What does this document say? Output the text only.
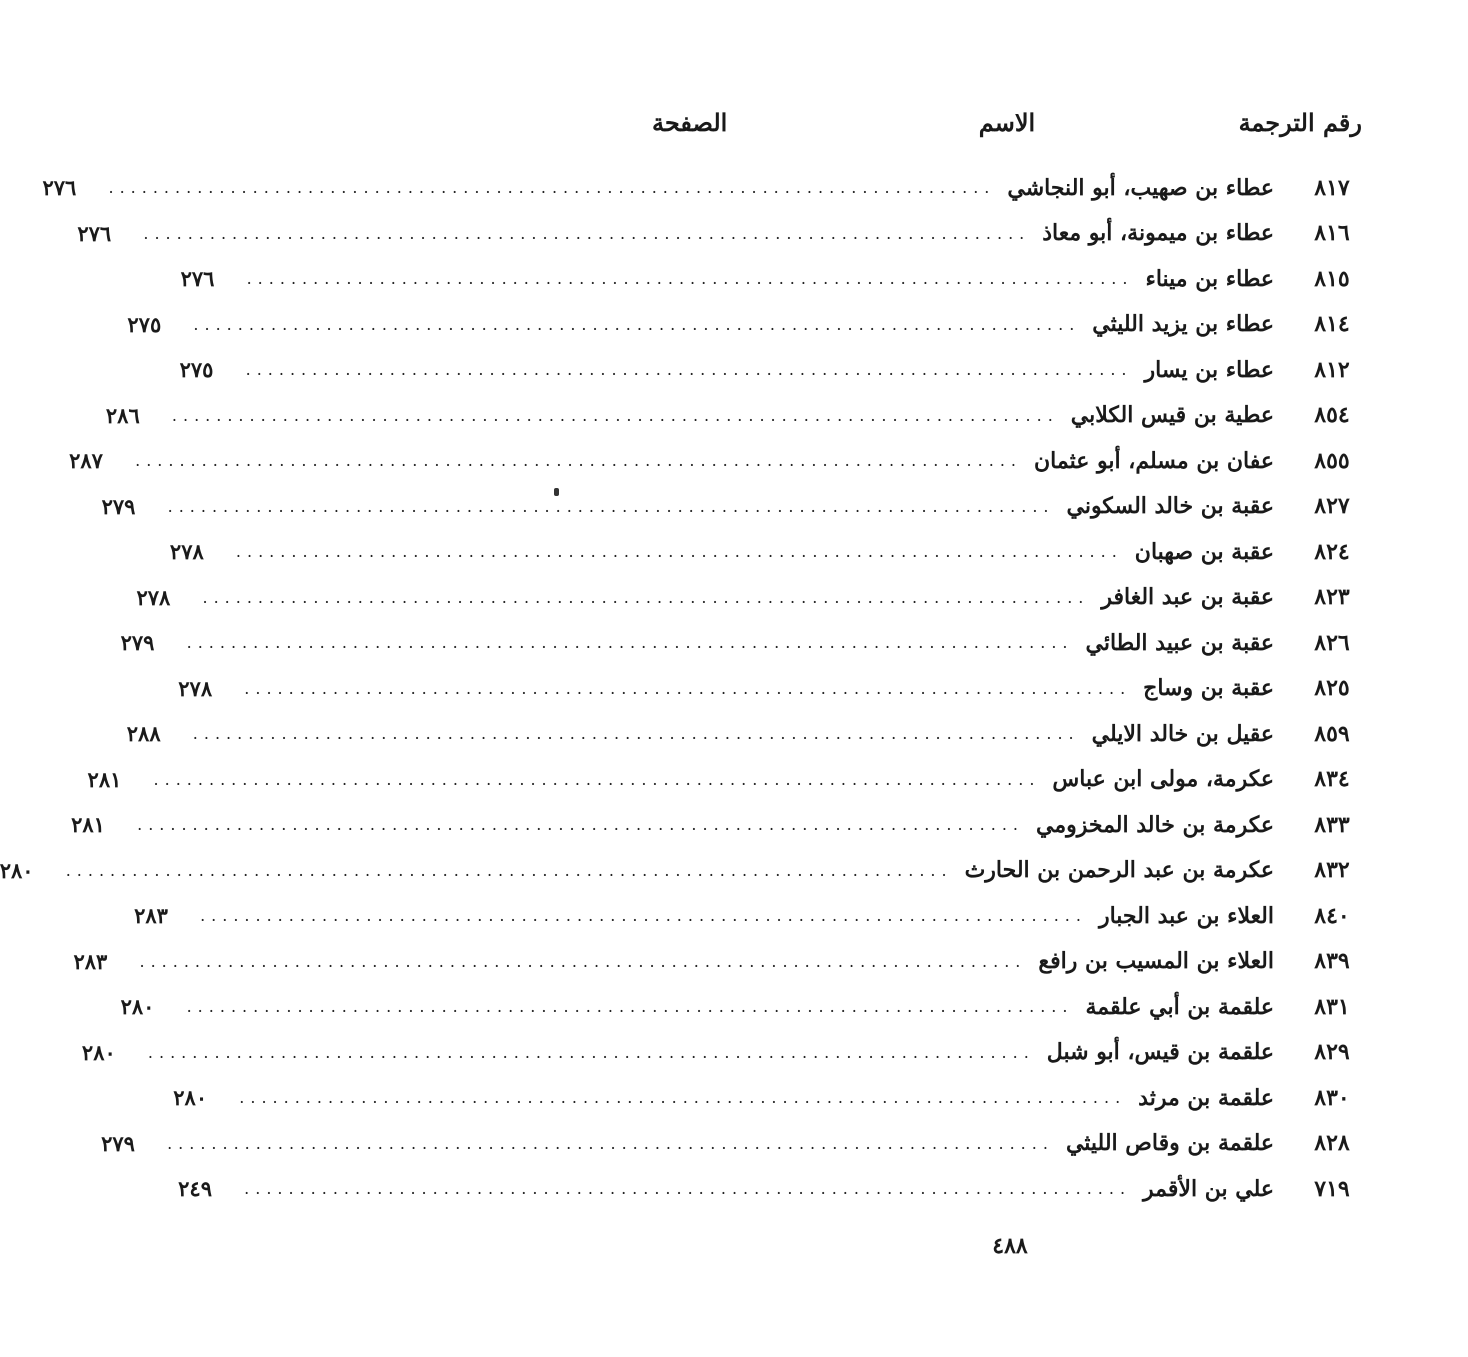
رقم الترجمة
الاسم
الصفحة
٨١٧
عطاء بن صهيب، أبو النجاشي
................................................................................
٢٧٦
٨١٦
عطاء بن ميمونة، أبو معاذ
................................................................................
٢٧٦
٨١٥
عطاء بن ميناء
................................................................................
٢٧٦
٨١٤
عطاء بن يزيد الليثي
................................................................................
٢٧٥
٨١٢
عطاء بن يسار
................................................................................
٢٧٥
٨٥٤
عطية بن قيس الكلابي
................................................................................
٢٨٦
٨٥٥
عفان بن مسلم، أبو عثمان
................................................................................
٢٨٧
٨٢٧
عقبة بن خالد السكوني
................................................................................
٢٧٩
٨٢٤
عقبة بن صهبان
................................................................................
٢٧٨
٨٢٣
عقبة بن عبد الغافر
................................................................................
٢٧٨
٨٢٦
عقبة بن عبيد الطائي
................................................................................
٢٧٩
٨٢٥
عقبة بن وساج
................................................................................
٢٧٨
٨٥٩
عقيل بن خالد الايلي
................................................................................
٢٨٨
٨٣٤
عكرمة، مولى ابن عباس
................................................................................
٢٨١
٨٣٣
عكرمة بن خالد المخزومي
................................................................................
٢٨١
٨٣٢
عكرمة بن عبد الرحمن بن الحارث
................................................................................
٢٨٠
٨٤٠
العلاء بن عبد الجبار
................................................................................
٢٨٣
٨٣٩
العلاء بن المسيب بن رافع
................................................................................
٢٨٣
٨٣١
علقمة بن أبي علقمة
................................................................................
٢٨٠
٨٢٩
علقمة بن قيس، أبو شبل
................................................................................
٢٨٠
٨٣٠
علقمة بن مرثد
................................................................................
٢٨٠
٨٢٨
علقمة بن وقاص الليثي
................................................................................
٢٧٩
٧١٩
علي بن الأقمر
................................................................................
٢٤٩
٤٨٨
